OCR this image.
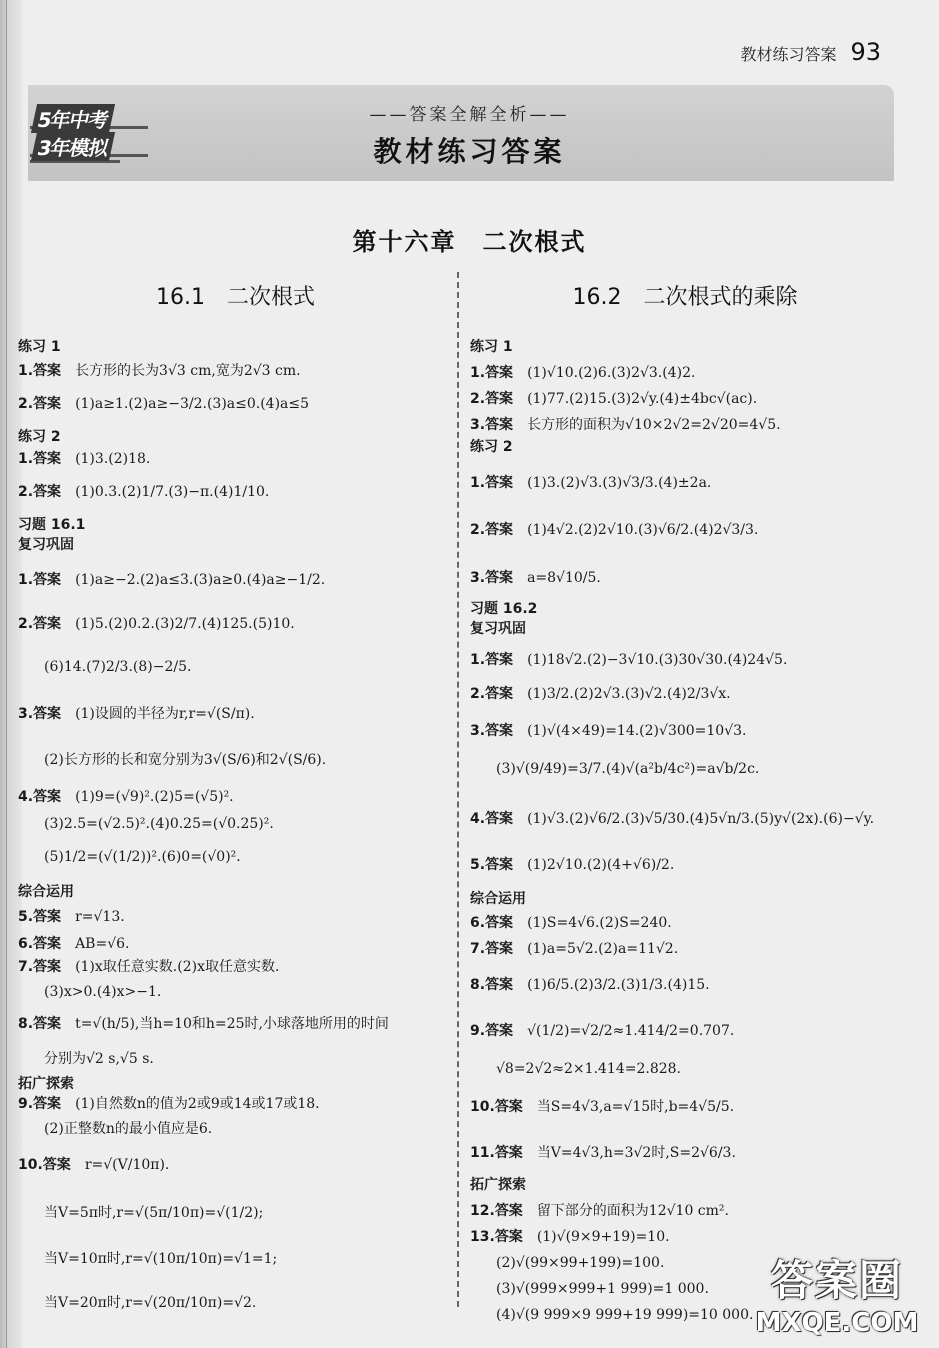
教材练习答案 93
5年中考
3年模拟
——答案全解全析——
教材练习答案
第十六章　二次根式
16.1　二次根式
练习 1
1.答案 长方形的长为3√3 cm,宽为2√3 cm.
2.答案 (1)a≥1.(2)a≥−3/2.(3)a≤0.(4)a≤5
练习 2
1.答案 (1)3.(2)18.
2.答案 (1)0.3.(2)1/7.(3)−π.(4)1/10.
习题 16.1
复习巩固
1.答案 (1)a≥−2.(2)a≤3.(3)a≥0.(4)a≥−1/2.
2.答案 (1)5.(2)0.2.(3)2/7.(4)125.(5)10.
(6)14.(7)2/3.(8)−2/5.
3.答案 (1)设圆的半径为r,r=√(S/π).
(2)长方形的长和宽分别为3√(S/6)和2√(S/6).
4.答案 (1)9=(√9)².(2)5=(√5)².
(3)2.5=(√2.5)².(4)0.25=(√0.25)².
(5)1/2=(√(1/2))².(6)0=(√0)².
综合运用
5.答案 r=√13.
6.答案 AB=√6.
7.答案 (1)x取任意实数.(2)x取任意实数.
(3)x>0.(4)x>−1.
8.答案 t=√(h/5),当h=10和h=25时,小球落地所用的时间
分别为√2 s,√5 s.
拓广探索
9.答案 (1)自然数n的值为2或9或14或17或18.
(2)正整数n的最小值应是6.
10.答案 r=√(V/10π).
当V=5π时,r=√(5π/10π)=√(1/2);
当V=10π时,r=√(10π/10π)=√1=1;
当V=20π时,r=√(20π/10π)=√2.
16.2　二次根式的乘除
练习 1
1.答案 (1)√10.(2)6.(3)2√3.(4)2.
2.答案 (1)77.(2)15.(3)2√y.(4)±4bc√(ac).
3.答案 长方形的面积为√10×2√2=2√20=4√5.
练习 2
1.答案 (1)3.(2)√3.(3)√3/3.(4)±2a.
2.答案 (1)4√2.(2)2√10.(3)√6/2.(4)2√3/3.
3.答案 a=8√10/5.
习题 16.2
复习巩固
1.答案 (1)18√2.(2)−3√10.(3)30√30.(4)24√5.
2.答案 (1)3/2.(2)2√3.(3)√2.(4)2/3√x.
3.答案 (1)√(4×49)=14.(2)√300=10√3.
(3)√(9/49)=3/7.(4)√(a²b/4c²)=a√b/2c.
4.答案 (1)√3.(2)√6/2.(3)√5/30.(4)5√n/3.(5)y√(2x).(6)−√y.
5.答案 (1)2√10.(2)(4+√6)/2.
综合运用
6.答案 (1)S=4√6.(2)S=240.
7.答案 (1)a=5√2.(2)a=11√2.
8.答案 (1)6/5.(2)3/2.(3)1/3.(4)15.
9.答案 √(1/2)=√2/2≈1.414/2=0.707.
√8=2√2≈2×1.414=2.828.
10.答案 当S=4√3,a=√15时,b=4√5/5.
11.答案 当V=4√3,h=3√2时,S=2√6/3.
拓广探索
12.答案 留下部分的面积为12√10 cm².
13.答案 (1)√(9×9+19)=10.
(2)√(99×99+199)=100.
(3)√(999×999+1 999)=1 000.
(4)√(9 999×9 999+19 999)=10 000.
答案圈
MXQE.COM
